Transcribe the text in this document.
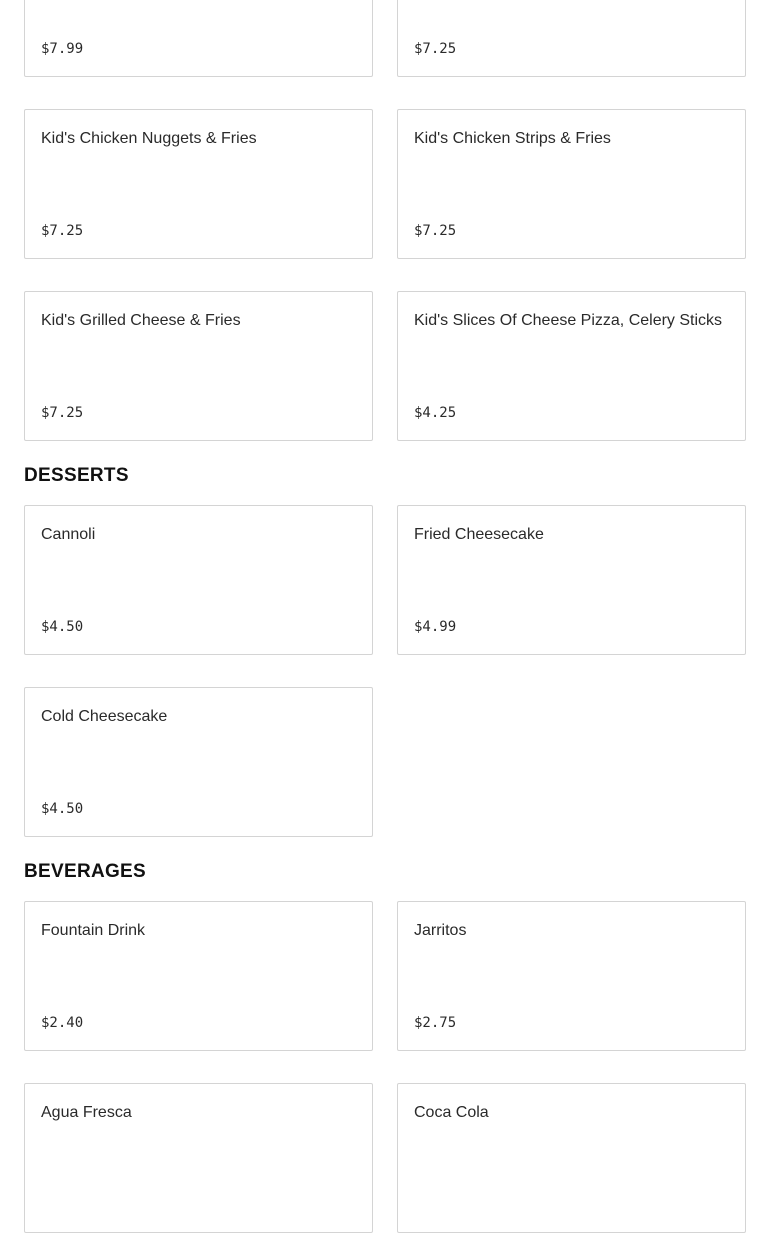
$7.99	$7.25
Kid's Chicken Nuggets & Fries
$7.25
Kid's Chicken Strips & Fries
$7.25
Kid's Grilled Cheese & Fries
$7.25
Kid's Slices Of Cheese Pizza, Celery Sticks
$4.25
DESSERTS
Cannoli
$4.50
Fried Cheesecake
$4.99
Cold Cheesecake
$4.50
BEVERAGES
Fountain Drink
$2.40
Jarritos
$2.75
Agua Fresca	Coca Cola
